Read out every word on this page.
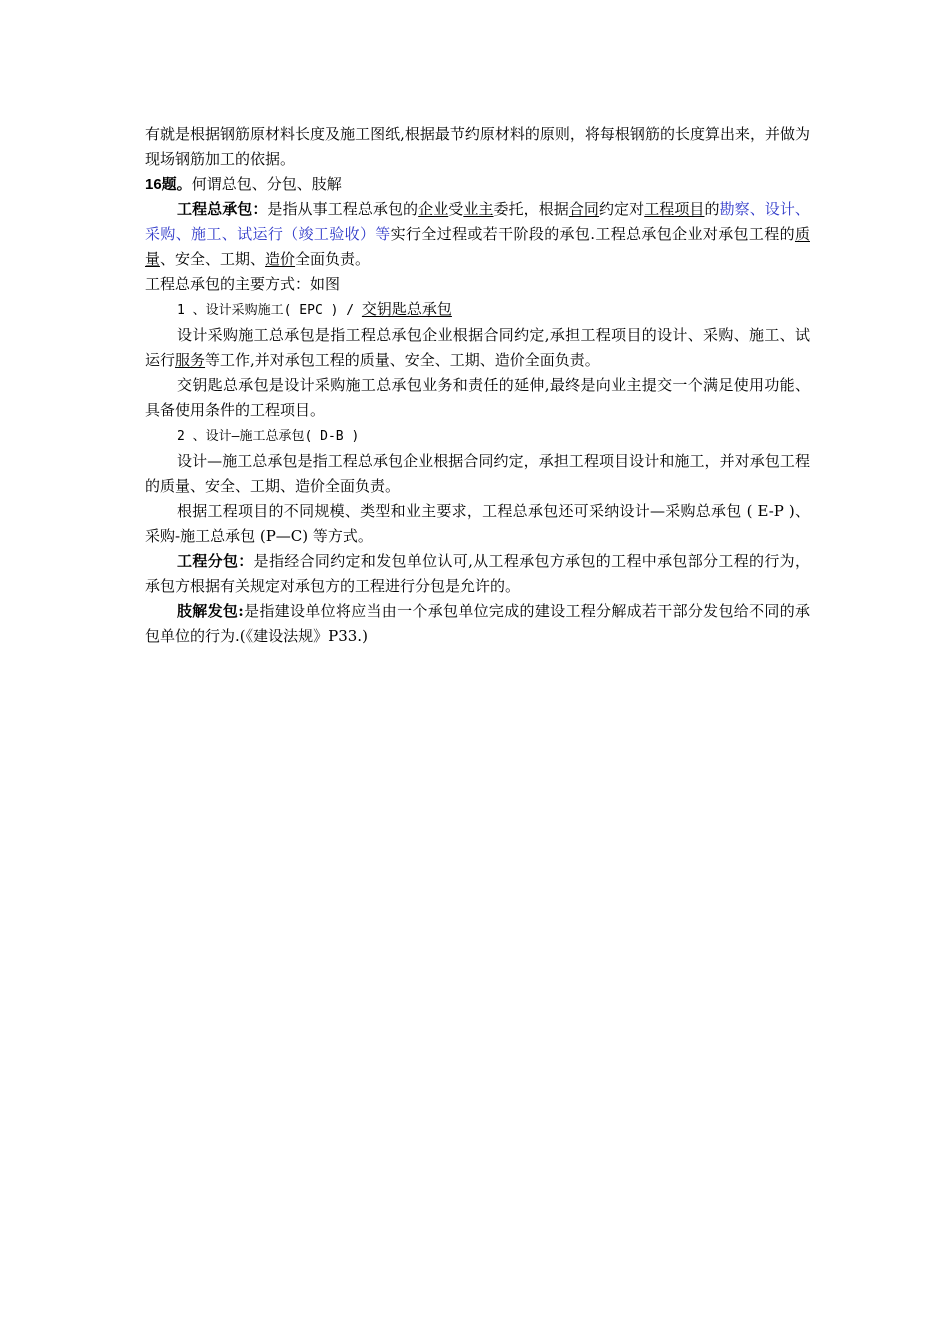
有就是根据钢筋原材料长度及施工图纸,根据最节约原材料的原则，将每根钢筋的长度算出来，并做为现场钢筋加工的依据。

16题。何谓总包、分包、肢解

工程总承包：是指从事工程总承包的企业受业主委托，根据合同约定对工程项目的勘察、设计、采购、施工、试运行（竣工验收）等实行全过程或若干阶段的承包.工程总承包企业对承包工程的质量、安全、工期、造价全面负责。

工程总承包的主要方式：如图

1 、设计采购施工( EPC ) / 交钥匙总承包

设计采购施工总承包是指工程总承包企业根据合同约定,承担工程项目的设计、采购、施工、试运行服务等工作,并对承包工程的质量、安全、工期、造价全面负责。

交钥匙总承包是设计采购施工总承包业务和责任的延伸,最终是向业主提交一个满足使用功能、具备使用条件的工程项目。

2 、设计—施工总承包( D-B )

设计—施工总承包是指工程总承包企业根据合同约定，承担工程项目设计和施工，并对承包工程的质量、安全、工期、造价全面负责。

根据工程项目的不同规模、类型和业主要求，工程总承包还可采纳设计—采购总承包 ( E-P )、采购-施工总承包 (P—C) 等方式。

工程分包：是指经合同约定和发包单位认可,从工程承包方承包的工程中承包部分工程的行为，承包方根据有关规定对承包方的工程进行分包是允许的。

肢解发包:是指建设单位将应当由一个承包单位完成的建设工程分解成若干部分发包给不同的承包单位的行为.(《建设法规》P33.)
